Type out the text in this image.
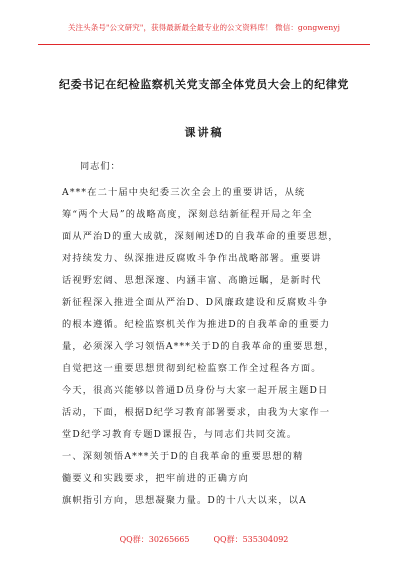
关注头条号"公文研究"，获得最新最全最专业的公文资料库！ 微信：gongwenyj
纪委书记在纪检监察机关党支部全体党员大会上的纪律党
课讲稿
同志们：
A***在二十届中央纪委三次全会上的重要讲话，从统
筹“两个大局”的战略高度，深刻总结新征程开局之年全
面从严治D的重大成就，深刻阐述D的自我革命的重要思想，
对持续发力、纵深推进反腐败斗争作出战略部署。重要讲
话视野宏阔、思想深邃、内涵丰富、高瞻远瞩，是新时代
新征程深入推进全面从严治D、D风廉政建设和反腐败斗争
的根本遵循。纪检监察机关作为推进D的自我革命的重要力
量，必须深入学习领悟A***关于D的自我革命的重要思想，
自觉把这一重要思想贯彻到纪检监察工作全过程各方面。
今天，很高兴能够以普通D员身份与大家一起开展主题D日
活动，下面，根据D纪学习教育部署要求，由我为大家作一
堂D纪学习教育专题D课报告，与同志们共同交流。
一、深刻领悟A***关于D的自我革命的重要思想的精
髓要义和实践要求，把牢前进的正确方向
旗帜指引方向，思想凝聚力量。D的十八大以来，以A
QQ群：30265665	QQ群：535304092
